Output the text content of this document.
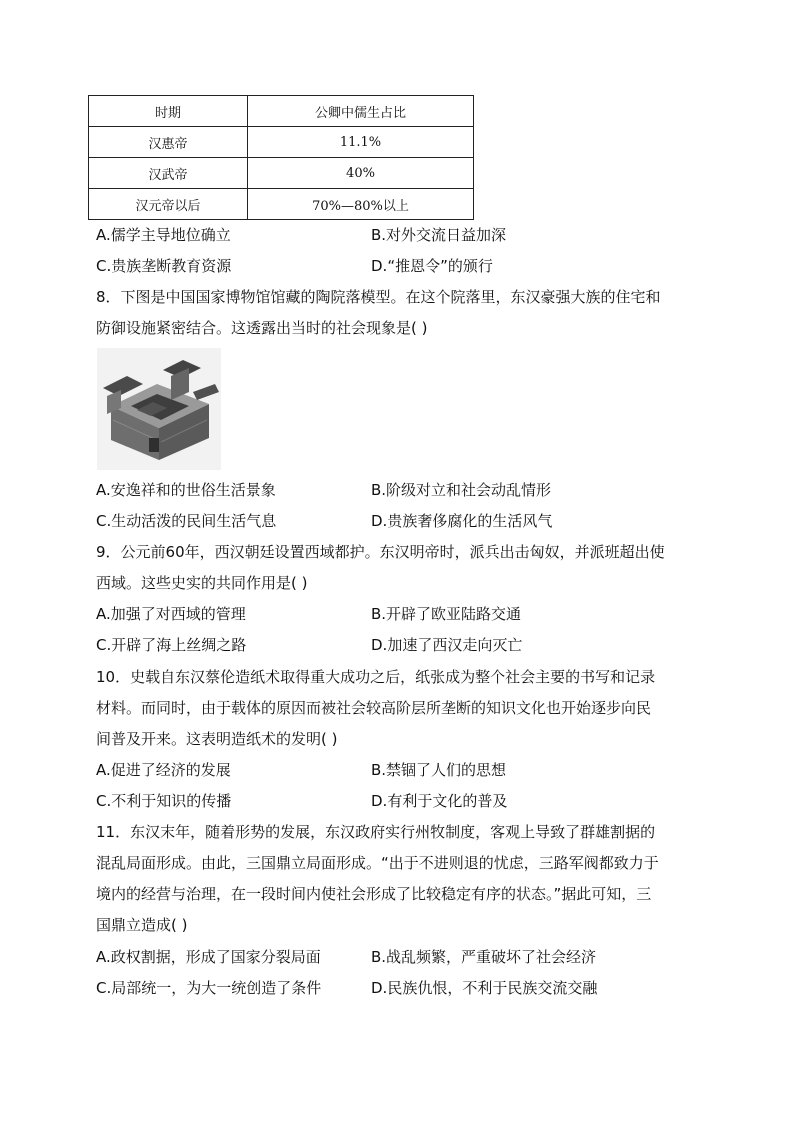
时期	公卿中儒生占比
汉惠帝	11.1%
汉武帝	40%
汉元帝以后	70%—80%以上
A.儒学主导地位确立	B.对外交流日益加深
C.贵族垄断教育资源	D.“推恩令”的颁行
8．下图是中国国家博物馆馆藏的陶院落模型。在这个院落里，东汉豪强大族的住宅和
防御设施紧密结合。这透露出当时的社会现象是( )
A.安逸祥和的世俗生活景象	B.阶级对立和社会动乱情形
C.生动活泼的民间生活气息	D.贵族奢侈腐化的生活风气
9．公元前60年，西汉朝廷设置西域都护。东汉明帝时，派兵出击匈奴，并派班超出使
西域。这些史实的共同作用是( )
A.加强了对西域的管理	B.开辟了欧亚陆路交通
C.开辟了海上丝绸之路	D.加速了西汉走向灭亡
10．史载自东汉蔡伦造纸术取得重大成功之后，纸张成为整个社会主要的书写和记录
材料。而同时，由于载体的原因而被社会较高阶层所垄断的知识文化也开始逐步向民
间普及开来。这表明造纸术的发明( )
A.促进了经济的发展	B.禁锢了人们的思想
C.不利于知识的传播	D.有利于文化的普及
11．东汉末年，随着形势的发展，东汉政府实行州牧制度，客观上导致了群雄割据的
混乱局面形成。由此，三国鼎立局面形成。“出于不进则退的忧虑，三路军阀都致力于
境内的经营与治理，在一段时间内使社会形成了比较稳定有序的状态。”据此可知，三
国鼎立造成( )
A.政权割据，形成了国家分裂局面	B.战乱频繁，严重破坏了社会经济
C.局部统一，为大一统创造了条件	D.民族仇恨，不利于民族交流交融
